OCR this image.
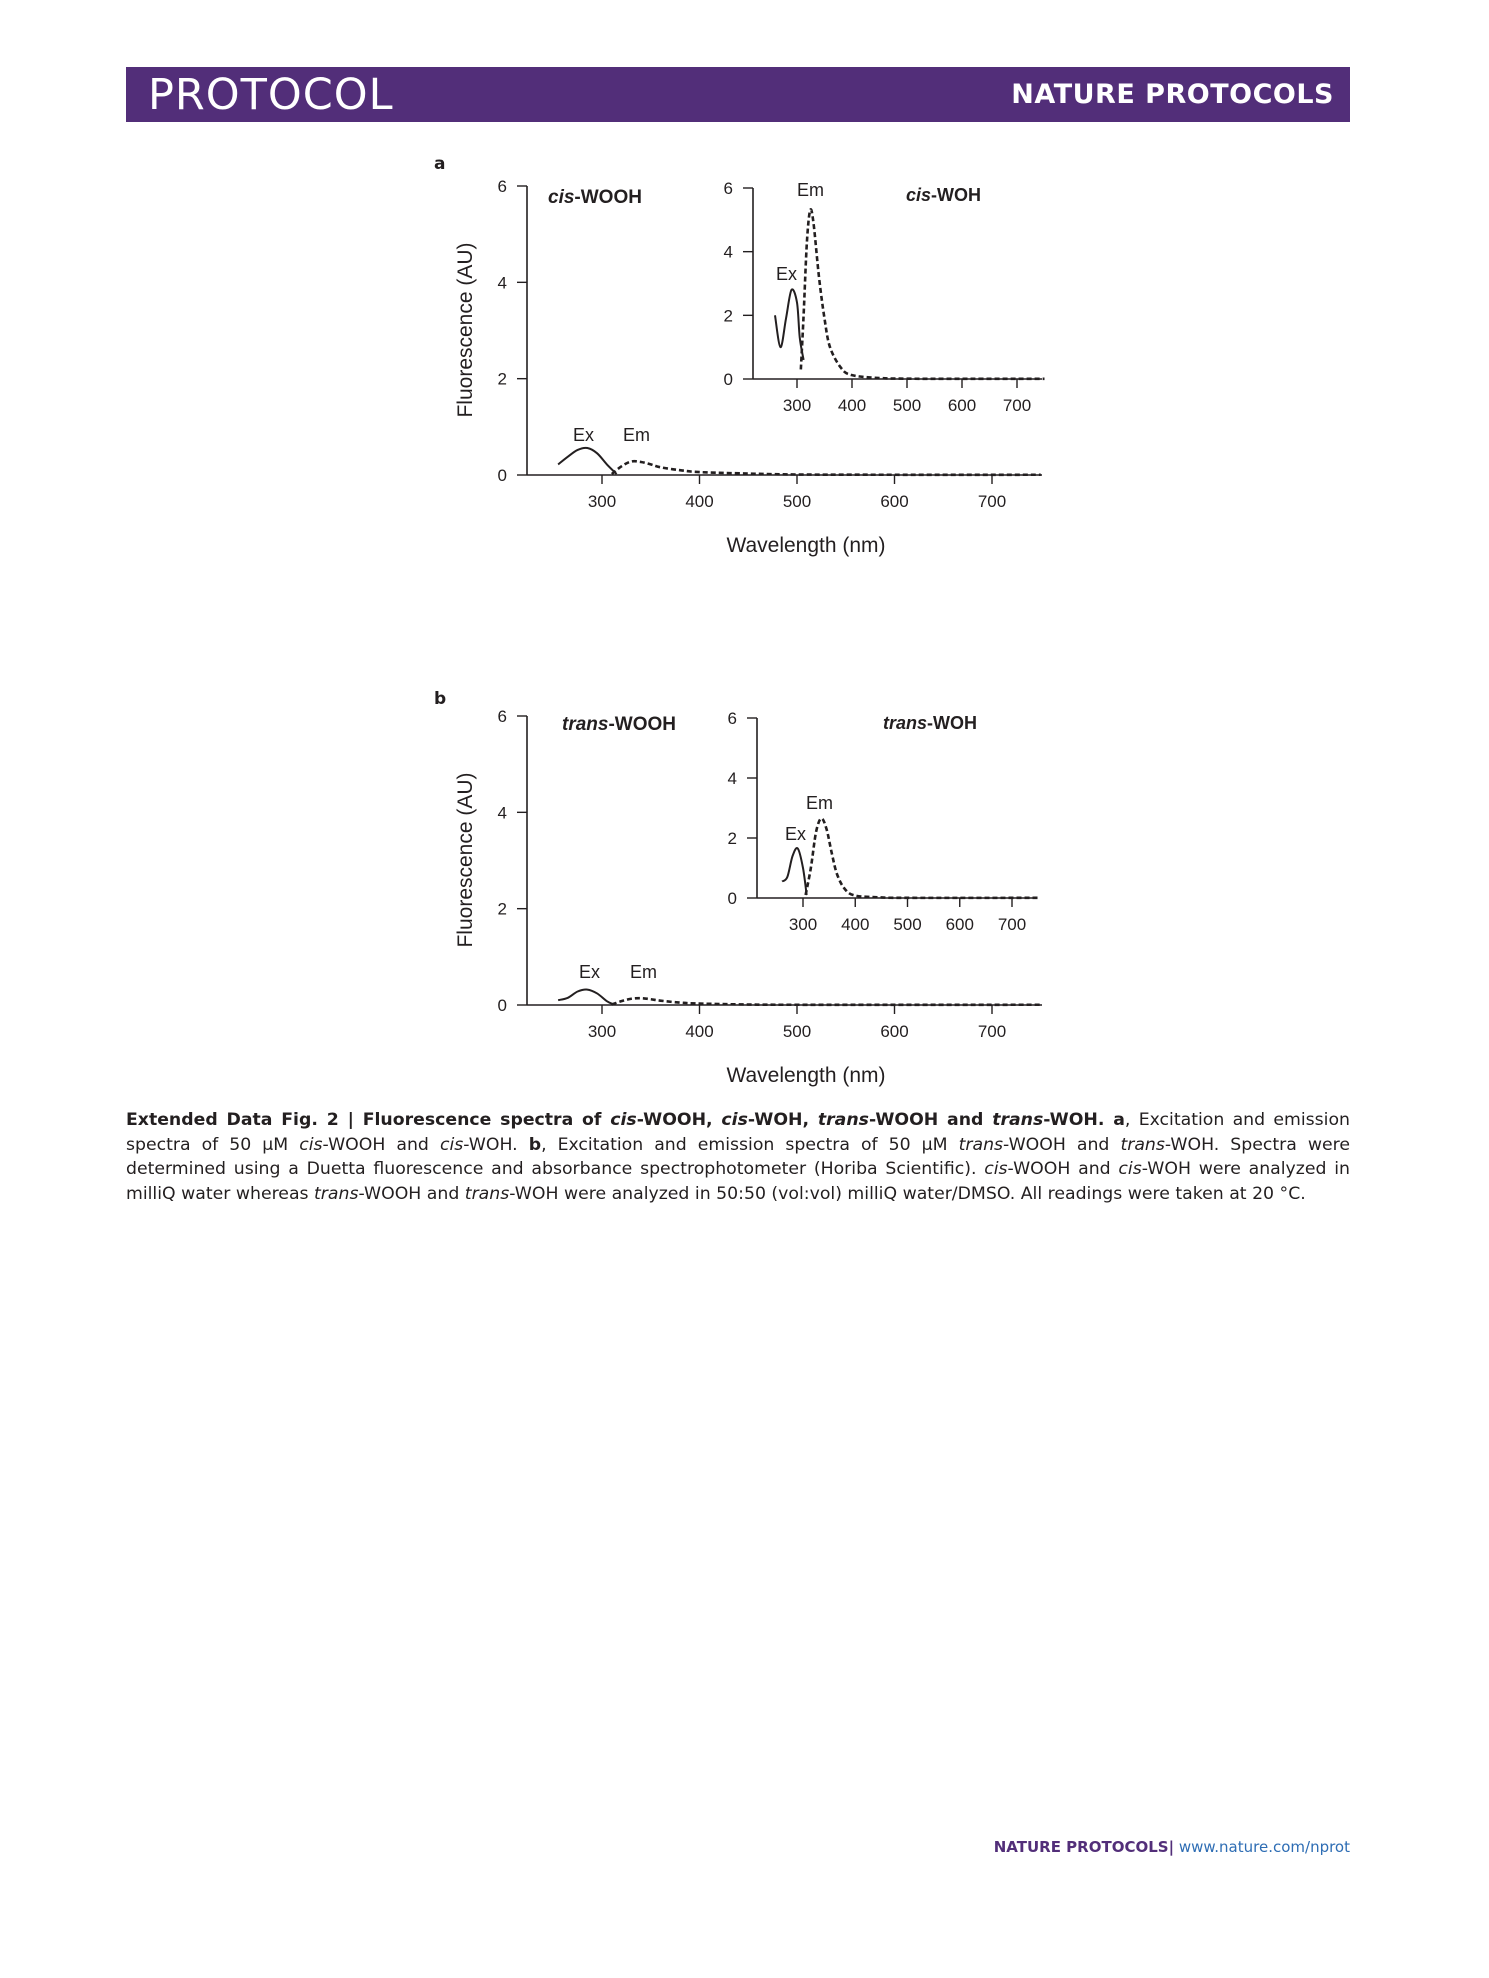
PROTOCOL	NATURE PROTOCOLS
a
b
0
2
4
6
300	400	500	600	700
Ex Em
cis-WOOH
Wavelength (nm)
Fluorescence (AU)	0
2
4
6
300 400 500 600 700
Ex
Em	cis-WOH
0
2
4
6
300	400	500	600	700
Ex Em
trans-WOOH
Wavelength (nm)
Fluorescence (AU)	0
2
4
6
300 400 500 600 700
Ex
Em
trans-WOH
Extended Data Fig. 2 | Fluorescence spectra of cis-WOOH, cis-WOH, trans-WOOH and trans-WOH. a, Excitation and emission spectra of 50 µM cis-WOOH and cis-WOH. b, Excitation and emission spectra of 50 µM trans-WOOH and trans-WOH. Spectra were determined using a Duetta fluorescence and absorbance spectrophotometer (Horiba Scientific). cis-WOOH and cis-WOH were analyzed in milliQ water whereas trans-WOOH and trans-WOH were analyzed in 50:50 (vol:vol) milliQ water/DMSO. All readings were taken at 20 °C.
NATURE PROTOCOLS| www.nature.com/nprot
